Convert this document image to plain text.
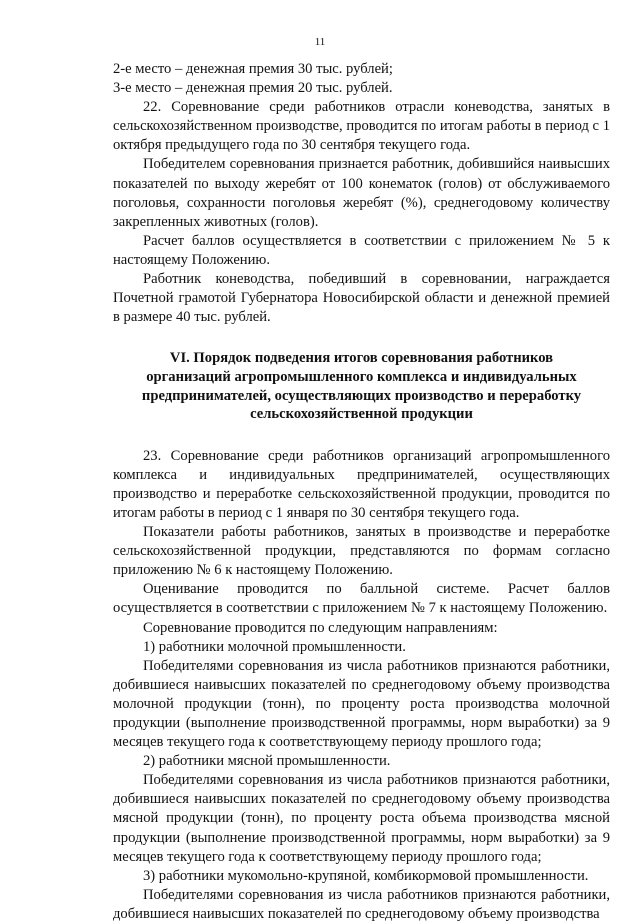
11

2-е место – денежная премия 30 тыс. рублей;

3-е место – денежная премия 20 тыс. рублей.

22. Соревнование среди работников отрасли коневодства, занятых в сельскохозяйственном производстве, проводится по итогам работы в период с 1 октября предыдущего года по 30 сентября текущего года.

Победителем соревнования признается работник, добившийся наивысших показателей по выходу жеребят от 100 конематок (голов) от обслуживаемого поголовья, сохранности поголовья жеребят (%), среднегодовому количеству закрепленных животных (голов).

Расчет баллов осуществляется в соответствии с приложением № 5 к настоящему Положению.

Работник коневодства, победивший в соревновании, награждается Почетной грамотой Губернатора Новосибирской области и денежной премией в размере 40 тыс. рублей.

VI. Порядок подведения итогов соревнования работников
организаций агропромышленного комплекса и индивидуальных
предпринимателей, осуществляющих производство и переработку
сельскохозяйственной продукции

23. Соревнование среди работников организаций агропромышленного комплекса и индивидуальных предпринимателей, осуществляющих производство и переработке сельскохозяйственной продукции, проводится по итогам работы в период с 1 января по 30 сентября текущего года.

Показатели работы работников, занятых в производстве и переработке сельскохозяйственной продукции, представляются по формам согласно приложению № 6 к настоящему Положению.

Оценивание проводится по балльной системе. Расчет баллов осуществляется в соответствии с приложением № 7 к настоящему Положению.

Соревнование проводится по следующим направлениям:

1) работники молочной промышленности.

Победителями соревнования из числа работников признаются работники, добившиеся наивысших показателей по среднегодовому объему производства молочной продукции (тонн), по проценту роста производства молочной продукции (выполнение производственной программы, норм выработки) за 9 месяцев текущего года к соответствующему периоду прошлого года;

2) работники мясной промышленности.

Победителями соревнования из числа работников признаются работники, добившиеся наивысших показателей по среднегодовому объему производства мясной продукции (тонн), по проценту роста объема производства мясной продукции (выполнение производственной программы, норм выработки) за 9 месяцев текущего года к соответствующему периоду прошлого года;

3) работники мукомольно-крупяной, комбикормовой промышленности.

Победителями соревнования из числа работников признаются работники, добившиеся наивысших показателей по среднегодовому объему производства
